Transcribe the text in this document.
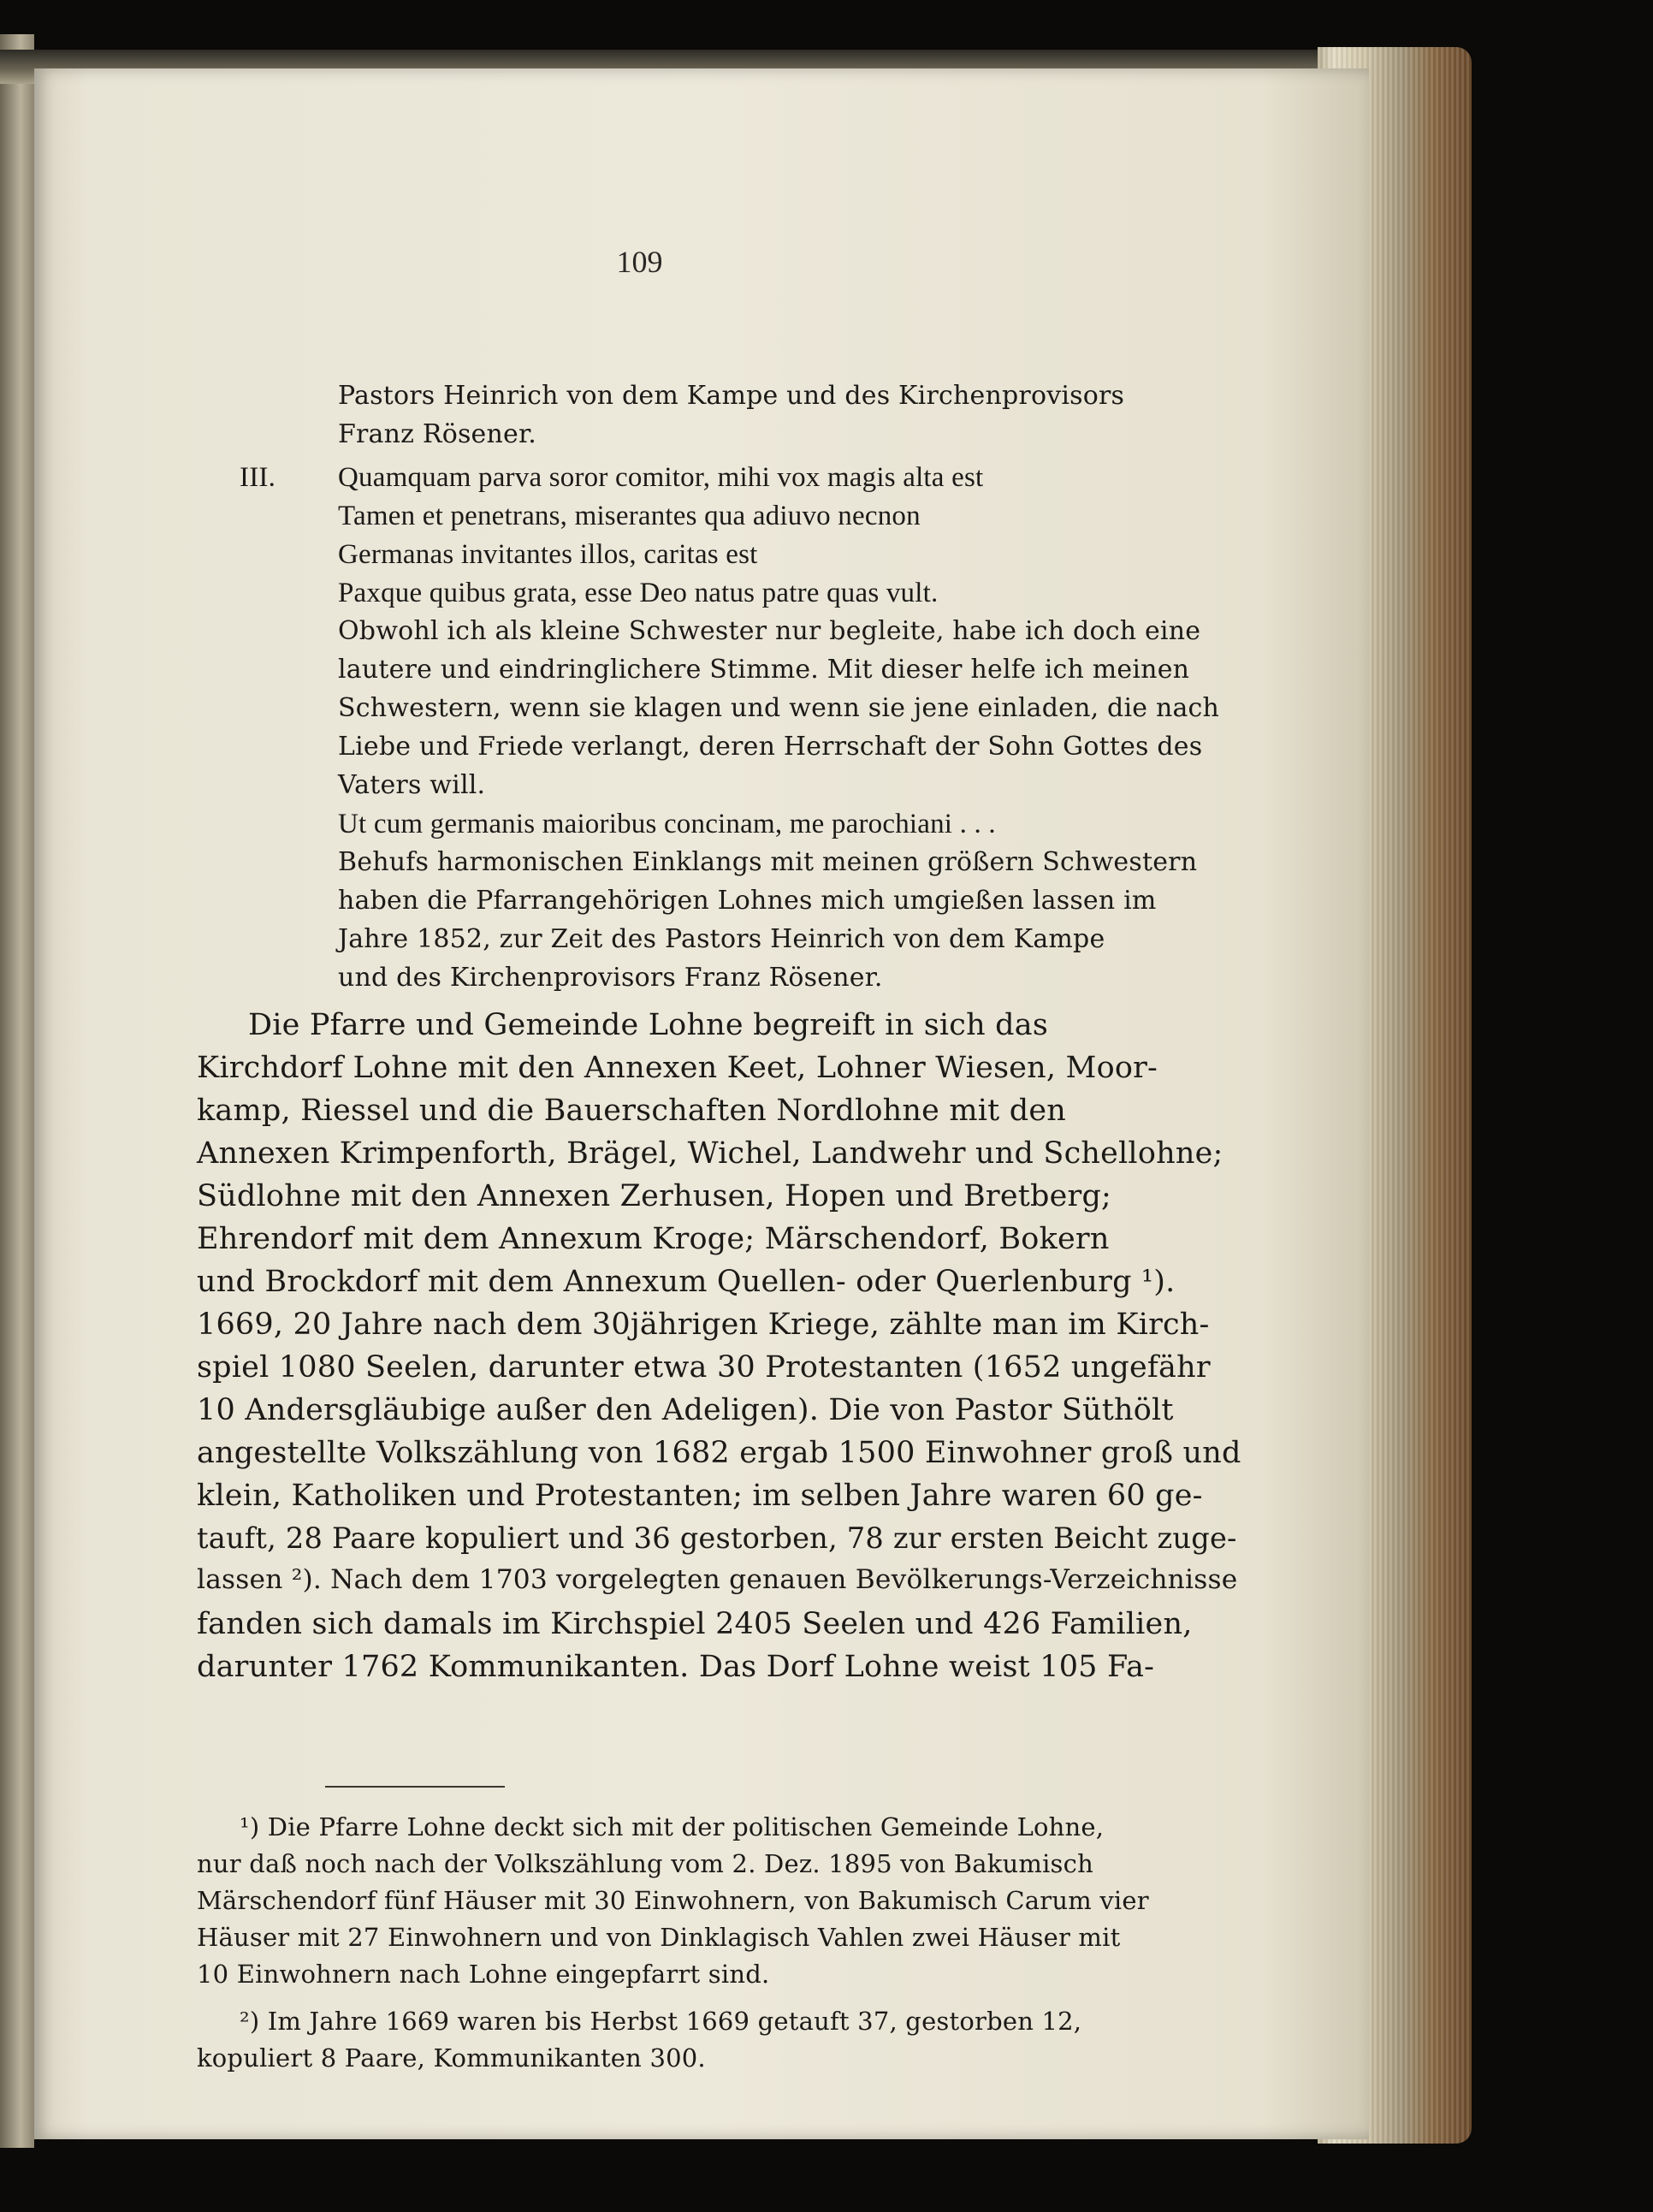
109
Pastors Heinrich von dem Kampe und des Kirchenprovisors
Franz Rösener.
III. Quamquam parva soror comitor, mihi vox magis alta est
Tamen et penetrans, miserantes qua adiuvo necnon
Germanas invitantes illos, caritas est
Paxque quibus grata, esse Deo natus patre quas vult.
Obwohl ich als kleine Schwester nur begleite, habe ich doch eine
lautere und eindringlichere Stimme. Mit dieser helfe ich meinen
Schwestern, wenn sie klagen und wenn sie jene einladen, die nach
Liebe und Friede verlangt, deren Herrschaft der Sohn Gottes des
Vaters will.
Ut cum germanis maioribus concinam, me parochiani . . .
Behufs harmonischen Einklangs mit meinen größern Schwestern
haben die Pfarrangehörigen Lohnes mich umgießen lassen im
Jahre 1852, zur Zeit des Pastors Heinrich von dem Kampe
und des Kirchenprovisors Franz Rösener.
Die Pfarre und Gemeinde Lohne begreift in sich das
Kirchdorf Lohne mit den Annexen Keet, Lohner Wiesen, Moor-
kamp, Riessel und die Bauerschaften Nordlohne mit den
Annexen Krimpenforth, Brägel, Wichel, Landwehr und Schellohne;
Südlohne mit den Annexen Zerhusen, Hopen und Bretberg;
Ehrendorf mit dem Annexum Kroge; Märschendorf, Bokern
und Brockdorf mit dem Annexum Quellen- oder Querlenburg ¹).
1669, 20 Jahre nach dem 30jährigen Kriege, zählte man im Kirch-
spiel 1080 Seelen, darunter etwa 30 Protestanten (1652 ungefähr
10 Andersgläubige außer den Adeligen). Die von Pastor Süthölt
angestellte Volkszählung von 1682 ergab 1500 Einwohner groß und
klein, Katholiken und Protestanten; im selben Jahre waren 60 ge-
tauft, 28 Paare kopuliert und 36 gestorben, 78 zur ersten Beicht zuge-
lassen ²). Nach dem 1703 vorgelegten genauen Bevölkerungs-Verzeichnisse
fanden sich damals im Kirchspiel 2405 Seelen und 426 Familien,
darunter 1762 Kommunikanten. Das Dorf Lohne weist 105 Fa-
¹) Die Pfarre Lohne deckt sich mit der politischen Gemeinde Lohne,
nur daß noch nach der Volkszählung vom 2. Dez. 1895 von Bakumisch
Märschendorf fünf Häuser mit 30 Einwohnern, von Bakumisch Carum vier
Häuser mit 27 Einwohnern und von Dinklagisch Vahlen zwei Häuser mit
10 Einwohnern nach Lohne eingepfarrt sind.
²) Im Jahre 1669 waren bis Herbst 1669 getauft 37, gestorben 12,
kopuliert 8 Paare, Kommunikanten 300.
